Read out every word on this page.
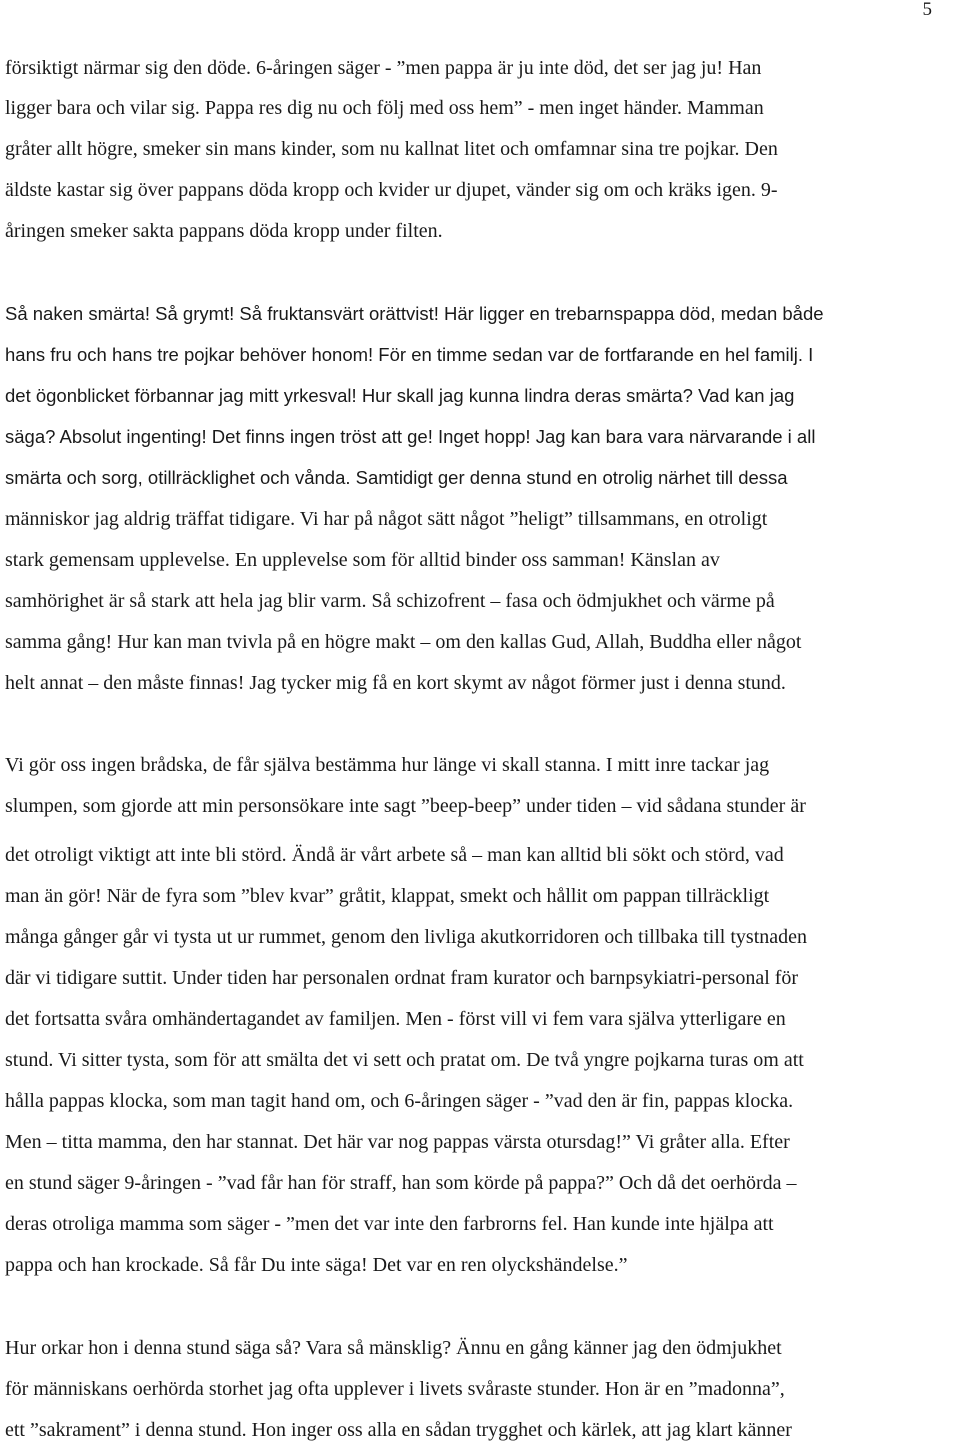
5
försiktigt närmar sig den döde. 6-åringen säger - ”men pappa är ju inte död, det ser jag ju! Han
ligger bara och vilar sig. Pappa res dig nu och följ med oss hem” - men inget händer. Mamman
gråter allt högre, smeker sin mans kinder, som nu kallnat litet och omfamnar sina tre pojkar. Den
äldste kastar sig över pappans döda kropp och kvider ur djupet, vänder sig om och kräks igen. 9-
åringen smeker sakta pappans döda kropp under filten.
Så naken smärta! Så grymt! Så fruktansvärt orättvist! Här ligger en trebarnspappa död, medan både
hans fru och hans tre pojkar behöver honom! För en timme sedan var de fortfarande en hel familj. I
det ögonblicket förbannar jag mitt yrkesval! Hur skall jag kunna lindra deras smärta? Vad kan jag
säga? Absolut ingenting! Det finns ingen tröst att ge! Inget hopp! Jag kan bara vara närvarande i all
smärta och sorg, otillräcklighet och vånda. Samtidigt ger denna stund en otrolig närhet till dessa
människor jag aldrig träffat tidigare. Vi har på något sätt något ”heligt” tillsammans, en otroligt
stark gemensam upplevelse. En upplevelse som för alltid binder oss samman! Känslan av
samhörighet är så stark att hela jag blir varm. Så schizofrent – fasa och ödmjukhet och värme på
samma gång! Hur kan man tvivla på en högre makt – om den kallas Gud, Allah, Buddha eller något
helt annat – den måste finnas! Jag tycker mig få en kort skymt av något förmer just i denna stund.
Vi gör oss ingen brådska, de får själva bestämma hur länge vi skall stanna. I mitt inre tackar jag
slumpen, som gjorde att min personsökare inte sagt ”beep-beep” under tiden – vid sådana stunder är
det otroligt viktigt att inte bli störd. Ändå är vårt arbete så – man kan alltid bli sökt och störd, vad
man än gör! När de fyra som ”blev kvar” gråtit, klappat, smekt och hållit om pappan tillräckligt
många gånger går vi tysta ut ur rummet, genom den livliga akutkorridoren och tillbaka till tystnaden
där vi tidigare suttit. Under tiden har personalen ordnat fram kurator och barnpsykiatri-personal för
det fortsatta svåra omhändertagandet av familjen. Men - först vill vi fem vara själva ytterligare en
stund. Vi sitter tysta, som för att smälta det vi sett och pratat om. De två yngre pojkarna turas om att
hålla pappas klocka, som man tagit hand om, och 6-åringen säger - ”vad den är fin, pappas klocka.
Men – titta mamma, den har stannat. Det här var nog pappas värsta otursdag!” Vi gråter alla. Efter
en stund säger 9-åringen - ”vad får han för straff, han som körde på pappa?” Och då det oerhörda –
deras otroliga mamma som säger - ”men det var inte den farbrorns fel. Han kunde inte hjälpa att
pappa och han krockade. Så får Du inte säga! Det var en ren olyckshändelse.”
Hur orkar hon i denna stund säga så? Vara så mänsklig? Ännu en gång känner jag den ödmjukhet
för människans oerhörda storhet jag ofta upplever i livets svåraste stunder. Hon är en ”madonna”,
ett ”sakrament” i denna stund. Hon inger oss alla en sådan trygghet och kärlek, att jag klart känner
